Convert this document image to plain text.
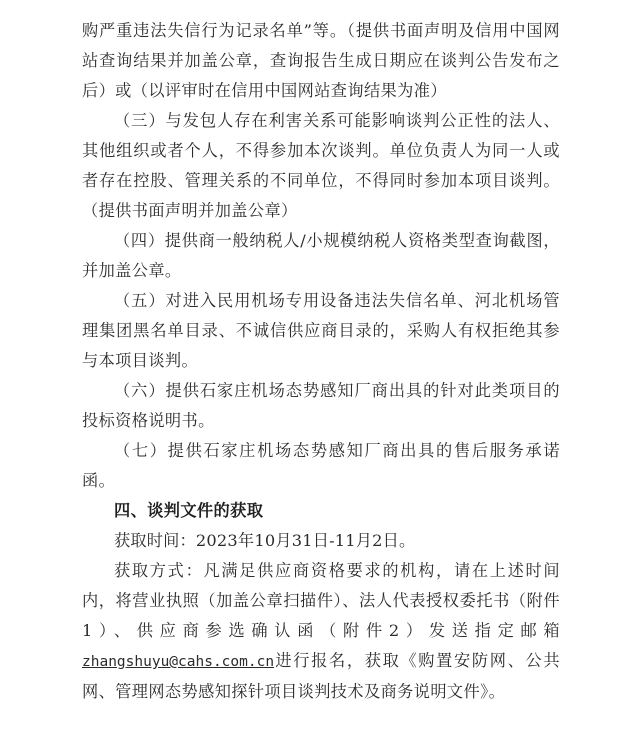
购严重违法失信行为记录名单”等。（提供书面声明及信用中国网站查询结果并加盖公章，查询报告生成日期应在谈判公告发布之后）或（以评审时在信用中国网站查询结果为准）

（三）与发包人存在利害关系可能影响谈判公正性的法人、其他组织或者个人，不得参加本次谈判。单位负责人为同一人或者存在控股、管理关系的不同单位，不得同时参加本项目谈判。（提供书面声明并加盖公章）

（四）提供商一般纳税人/小规模纳税人资格类型查询截图，并加盖公章。

（五）对进入民用机场专用设备违法失信名单、河北机场管理集团黑名单目录、不诚信供应商目录的，采购人有权拒绝其参与本项目谈判。

（六）提供石家庄机场态势感知厂商出具的针对此类项目的投标资格说明书。

（七）提供石家庄机场态势感知厂商出具的售后服务承诺函。

四、谈判文件的获取

获取时间：2023年10月31日-11月2日。

获取方式：凡满足供应商资格要求的机构，请在上述时间内，将营业执照（加盖公章扫描件）、法人代表授权委托书（附件1）、供应商参选确认函（附件2）发送指定邮箱 zhangshuyu@cahs.com.cn进行报名，获取《购置安防网、公共网、管理网态势感知探针项目谈判技术及商务说明文件》。
